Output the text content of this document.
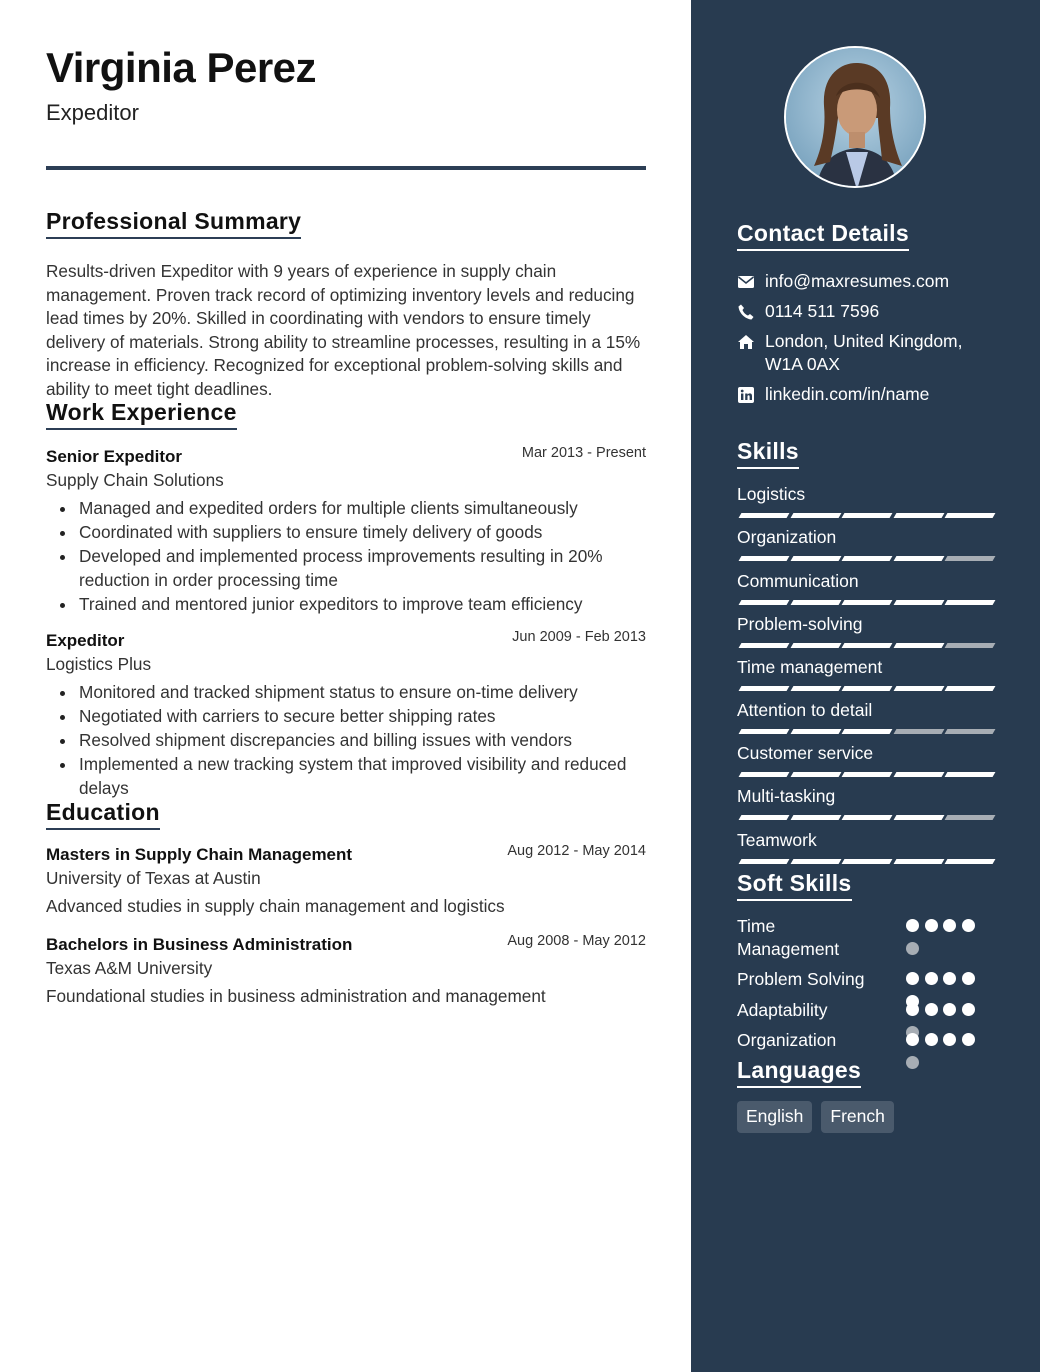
Virginia Perez
Expeditor
Professional Summary
Results-driven Expeditor with 9 years of experience in supply chain management. Proven track record of optimizing inventory levels and reducing lead times by 20%. Skilled in coordinating with vendors to ensure timely delivery of materials. Strong ability to streamline processes, resulting in a 15% increase in efficiency. Recognized for exceptional problem-solving skills and ability to meet tight deadlines.
Work Experience
Senior Expeditor	Mar 2013 - Present
Supply Chain Solutions
Managed and expedited orders for multiple clients simultaneously
Coordinated with suppliers to ensure timely delivery of goods
Developed and implemented process improvements resulting in 20% reduction in order processing time
Trained and mentored junior expeditors to improve team efficiency
Expeditor	Jun 2009 - Feb 2013
Logistics Plus
Monitored and tracked shipment status to ensure on-time delivery
Negotiated with carriers to secure better shipping rates
Resolved shipment discrepancies and billing issues with vendors
Implemented a new tracking system that improved visibility and reduced delays
Education
Masters in Supply Chain Management	Aug 2012 - May 2014
University of Texas at Austin
Advanced studies in supply chain management and logistics
Bachelors in Business Administration	Aug 2008 - May 2012
Texas A&M University
Foundational studies in business administration and management
Contact Details
info@maxresumes.com
0114 511 7596
London, United Kingdom, W1A 0AX
linkedin.com/in/name
Skills
Logistics
Organization
Communication
Problem-solving
Time management
Attention to detail
Customer service
Multi-tasking
Teamwork
Soft Skills
Time Management
Problem Solving
Adaptability
Organization
Languages
English	French
